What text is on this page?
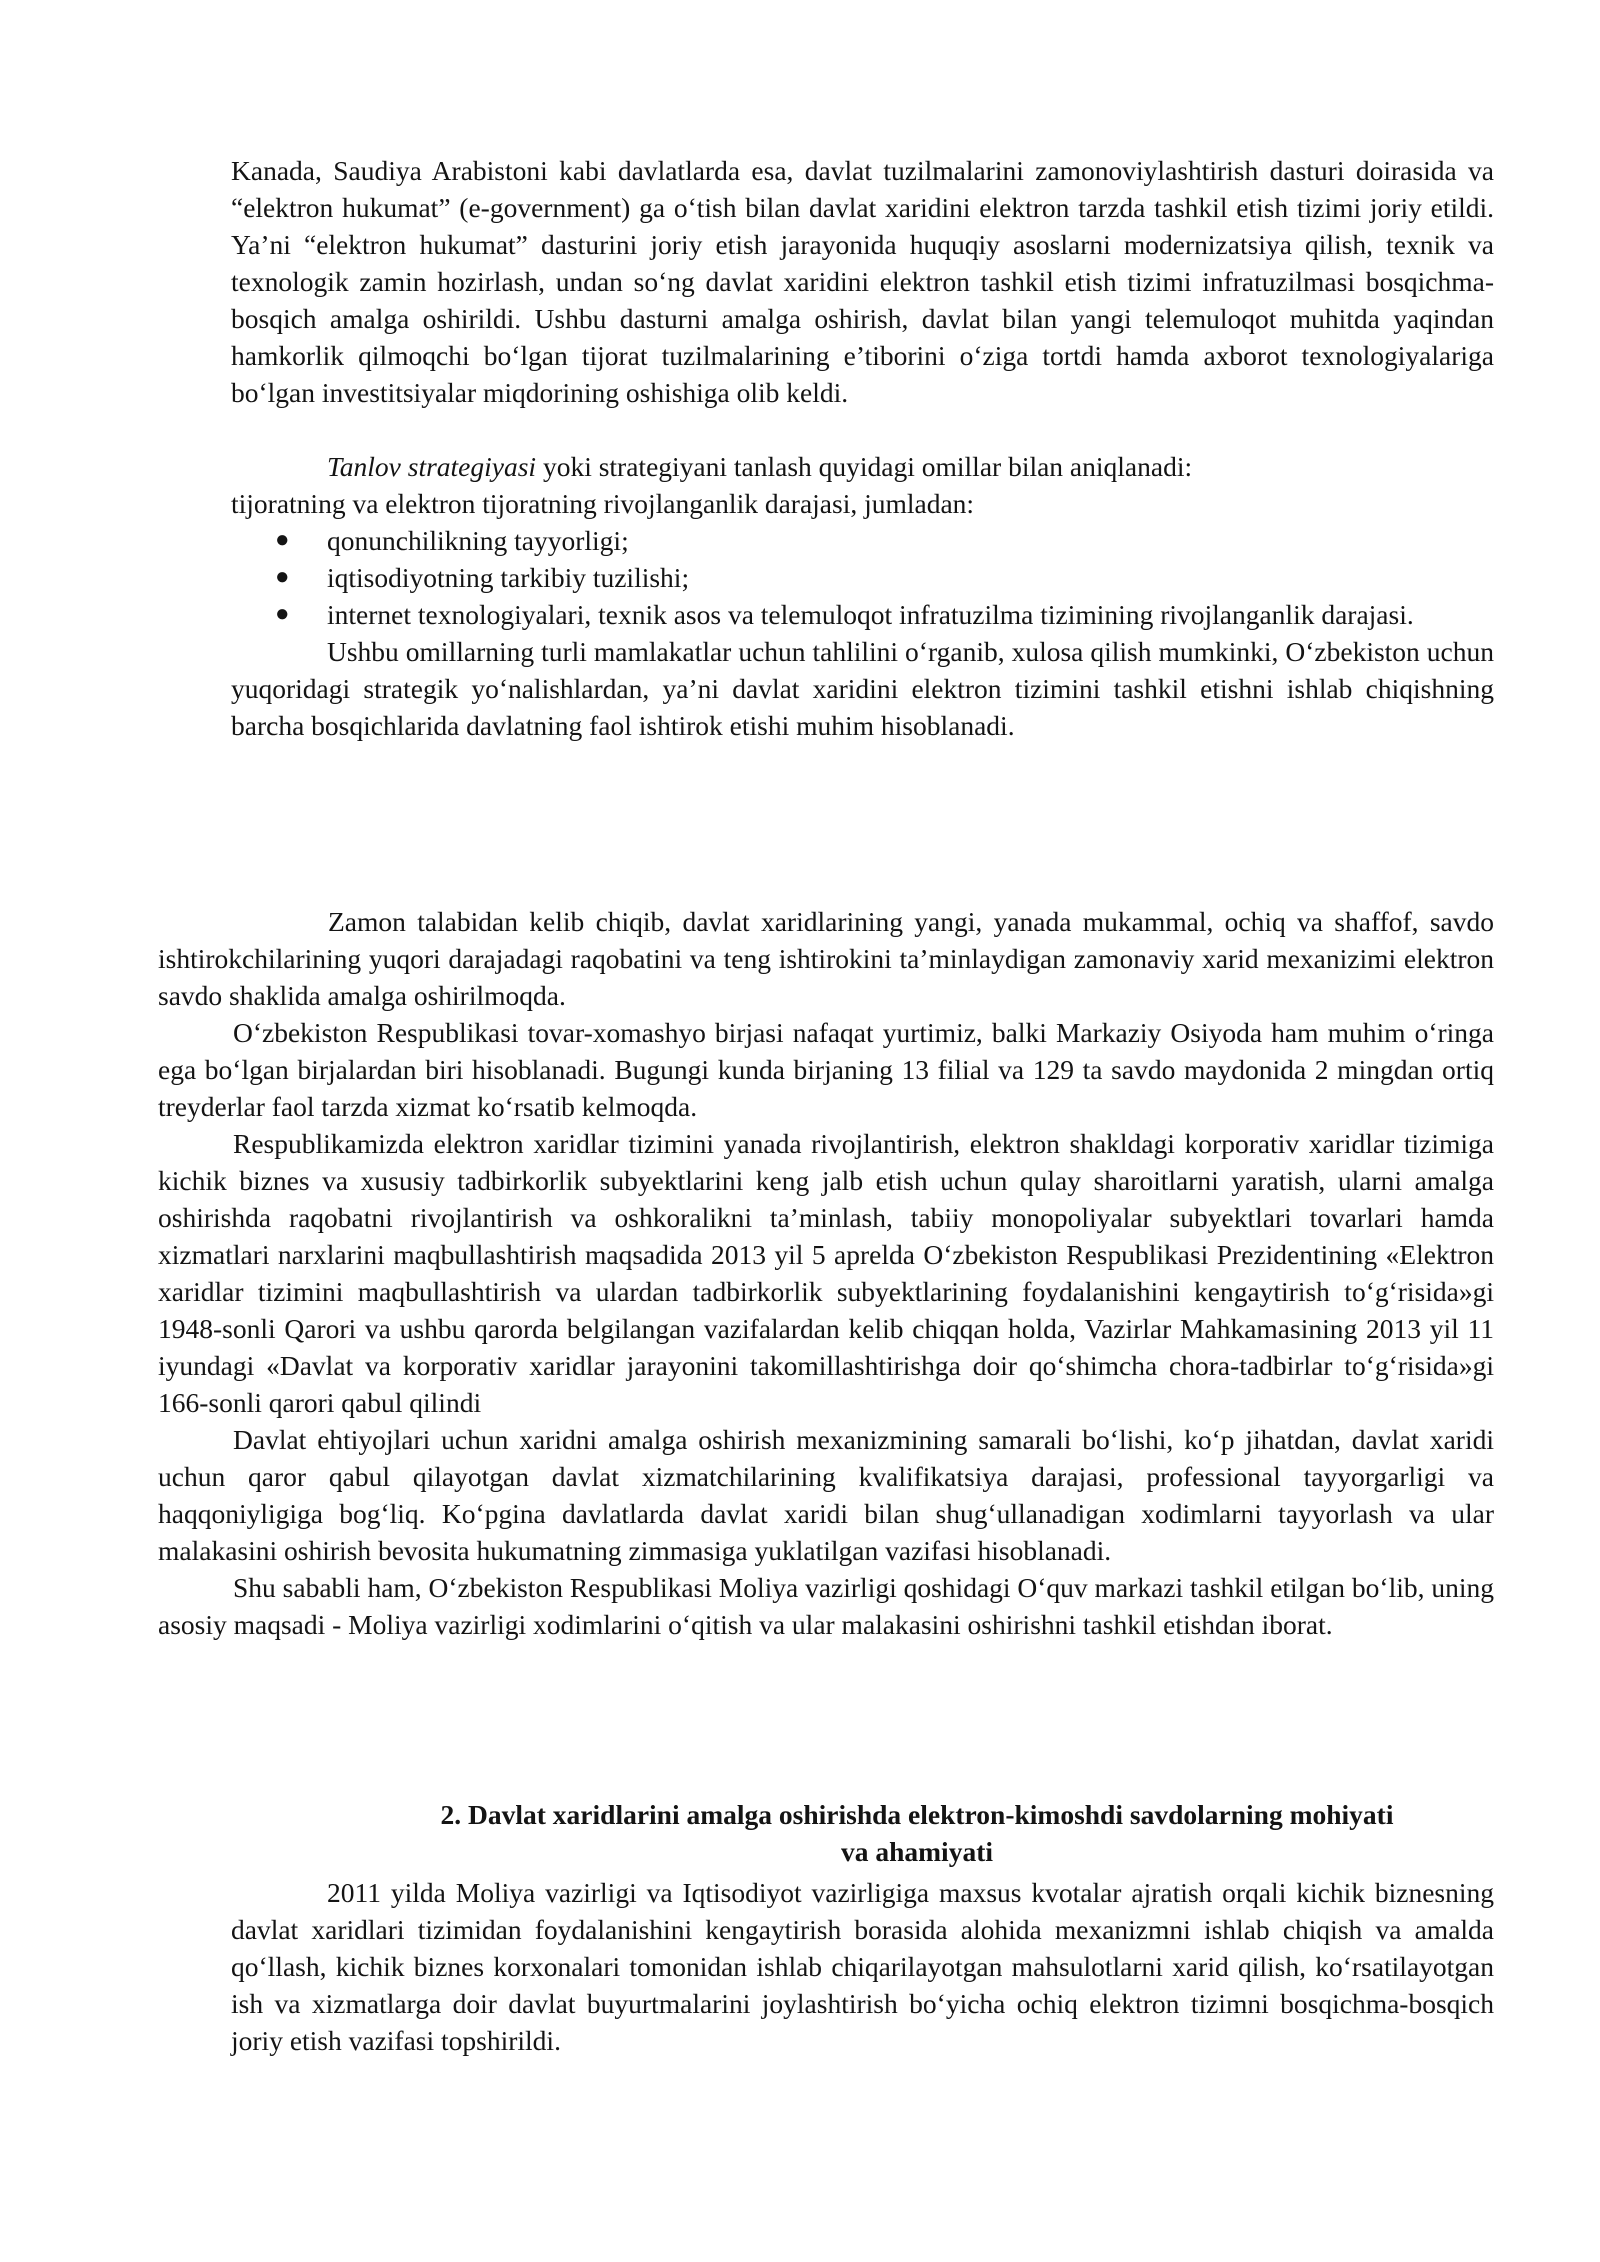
Kanada, Saudiya Arabistoni kabi davlatlarda esa, davlat tuzilmalarini zamonoviylashtirish dasturi doirasida va “elektron hukumat” (e-government) ga o‘tish bilan davlat xaridini elektron tarzda tashkil etish tizimi joriy etildi. Ya’ni “elektron hukumat” dasturini joriy etish jarayonida huquqiy asoslarni modernizatsiya qilish, texnik va texnologik zamin hozirlash, undan so‘ng davlat xaridini elektron tashkil etish tizimi infratuzilmasi bosqichma-bosqich amalga oshirildi. Ushbu dasturni amalga oshirish, davlat bilan yangi telemuloqot muhitda yaqindan hamkorlik qilmoqchi bo‘lgan tijorat tuzilmalarining e’tiborini o‘ziga tortdi hamda axborot texnologiyalariga bo‘lgan investitsiyalar miqdorining oshishiga olib keldi.

Tanlov strategiyasi yoki strategiyani tanlash quyidagi omillar bilan aniqlanadi:

tijoratning va elektron tijoratning rivojlanganlik darajasi, jumladan:

● qonunchilikning tayyorligi;
● iqtisodiyotning tarkibiy tuzilishi;
● internet texnologiyalari, texnik asos va telemuloqot infratuzilma tizimining rivojlanganlik darajasi.

Ushbu omillarning turli mamlakatlar uchun tahlilini o‘rganib, xulosa qilish mumkinki, O‘zbekiston uchun yuqoridagi strategik yo‘nalishlardan, ya’ni davlat xaridini elektron tizimini tashkil etishni ishlab chiqishning barcha bosqichlarida davlatning faol ishtirok etishi muhim hisoblanadi.

Zamon talabidan kelib chiqib, davlat xaridlarining yangi, yanada mukammal, ochiq va shaffof, savdo ishtirokchilarining yuqori darajadagi raqobatini va teng ishtirokini ta’minlaydigan zamonaviy xarid mexanizimi elektron savdo shaklida amalga oshirilmoqda.

O‘zbekiston Respublikasi tovar-xomashyo birjasi nafaqat yurtimiz, balki Markaziy Osiyoda ham muhim o‘ringa ega bo‘lgan birjalardan biri hisoblanadi. Bugungi kunda birjaning 13 filial va 129 ta savdo maydonida 2 mingdan ortiq treyderlar faol tarzda xizmat ko‘rsatib kelmoqda.

Respublikamizda elektron xaridlar tizimini yanada rivojlantirish, elektron shakldagi korporativ xaridlar tizimiga kichik biznes va xususiy tadbirkorlik subyektlarini keng jalb etish uchun qulay sharoitlarni yaratish, ularni amalga oshirishda raqobatni rivojlantirish va oshkoralikni ta’minlash, tabiiy monopoliyalar subyektlari tovarlari hamda xizmatlari narxlarini maqbullashtirish maqsadida 2013 yil 5 aprelda O‘zbekiston Respublikasi Prezidentining «Elektron xaridlar tizimini maqbullashtirish va ulardan tadbirkorlik subyektlarining foydalanishini kengaytirish to‘g‘risida»gi 1948-sonli Qarori va ushbu qarorda belgilangan vazifalardan kelib chiqqan holda, Vazirlar Mahkamasining 2013 yil 11 iyundagi «Davlat va korporativ xaridlar jarayonini takomillashtirishga doir qo‘shimcha chora-tadbirlar to‘g‘risida»gi 166-sonli qarori qabul qilindi

Davlat ehtiyojlari uchun xaridni amalga oshirish mexanizmining samarali bo‘lishi, ko‘p jihatdan, davlat xaridi uchun qaror qabul qilayotgan davlat xizmatchilarining kvalifikatsiya darajasi, professional tayyorgarligi va haqqoniyligiga bog‘liq. Ko‘pgina davlatlarda davlat xaridi bilan shug‘ullanadigan xodimlarni tayyorlash va ular malakasini oshirish bevosita hukumatning zimmasiga yuklatilgan vazifasi hisoblanadi.

Shu sababli ham, O‘zbekiston Respublikasi Moliya vazirligi qoshidagi O‘quv markazi tashkil etilgan bo‘lib, uning asosiy maqsadi - Moliya vazirligi xodimlarini o‘qitish va ular malakasini oshirishni tashkil etishdan iborat.

2. Davlat xaridlarini amalga oshirishda elektron-kimoshdi savdolarning mohiyati
va ahamiyati

2011 yilda Moliya vazirligi va Iqtisodiyot vazirligiga maxsus kvotalar ajratish orqali kichik biznesning davlat xaridlari tizimidan foydalanishini kengaytirish borasida alohida mexanizmni ishlab chiqish va amalda qo‘llash, kichik biznes korxonalari tomonidan ishlab chiqarilayotgan mahsulotlarni xarid qilish, ko‘rsatilayotgan ish va xizmatlarga doir davlat buyurtmalarini joylashtirish bo‘yicha ochiq elektron tizimni bosqichma-bosqich joriy etish vazifasi topshirildi.
